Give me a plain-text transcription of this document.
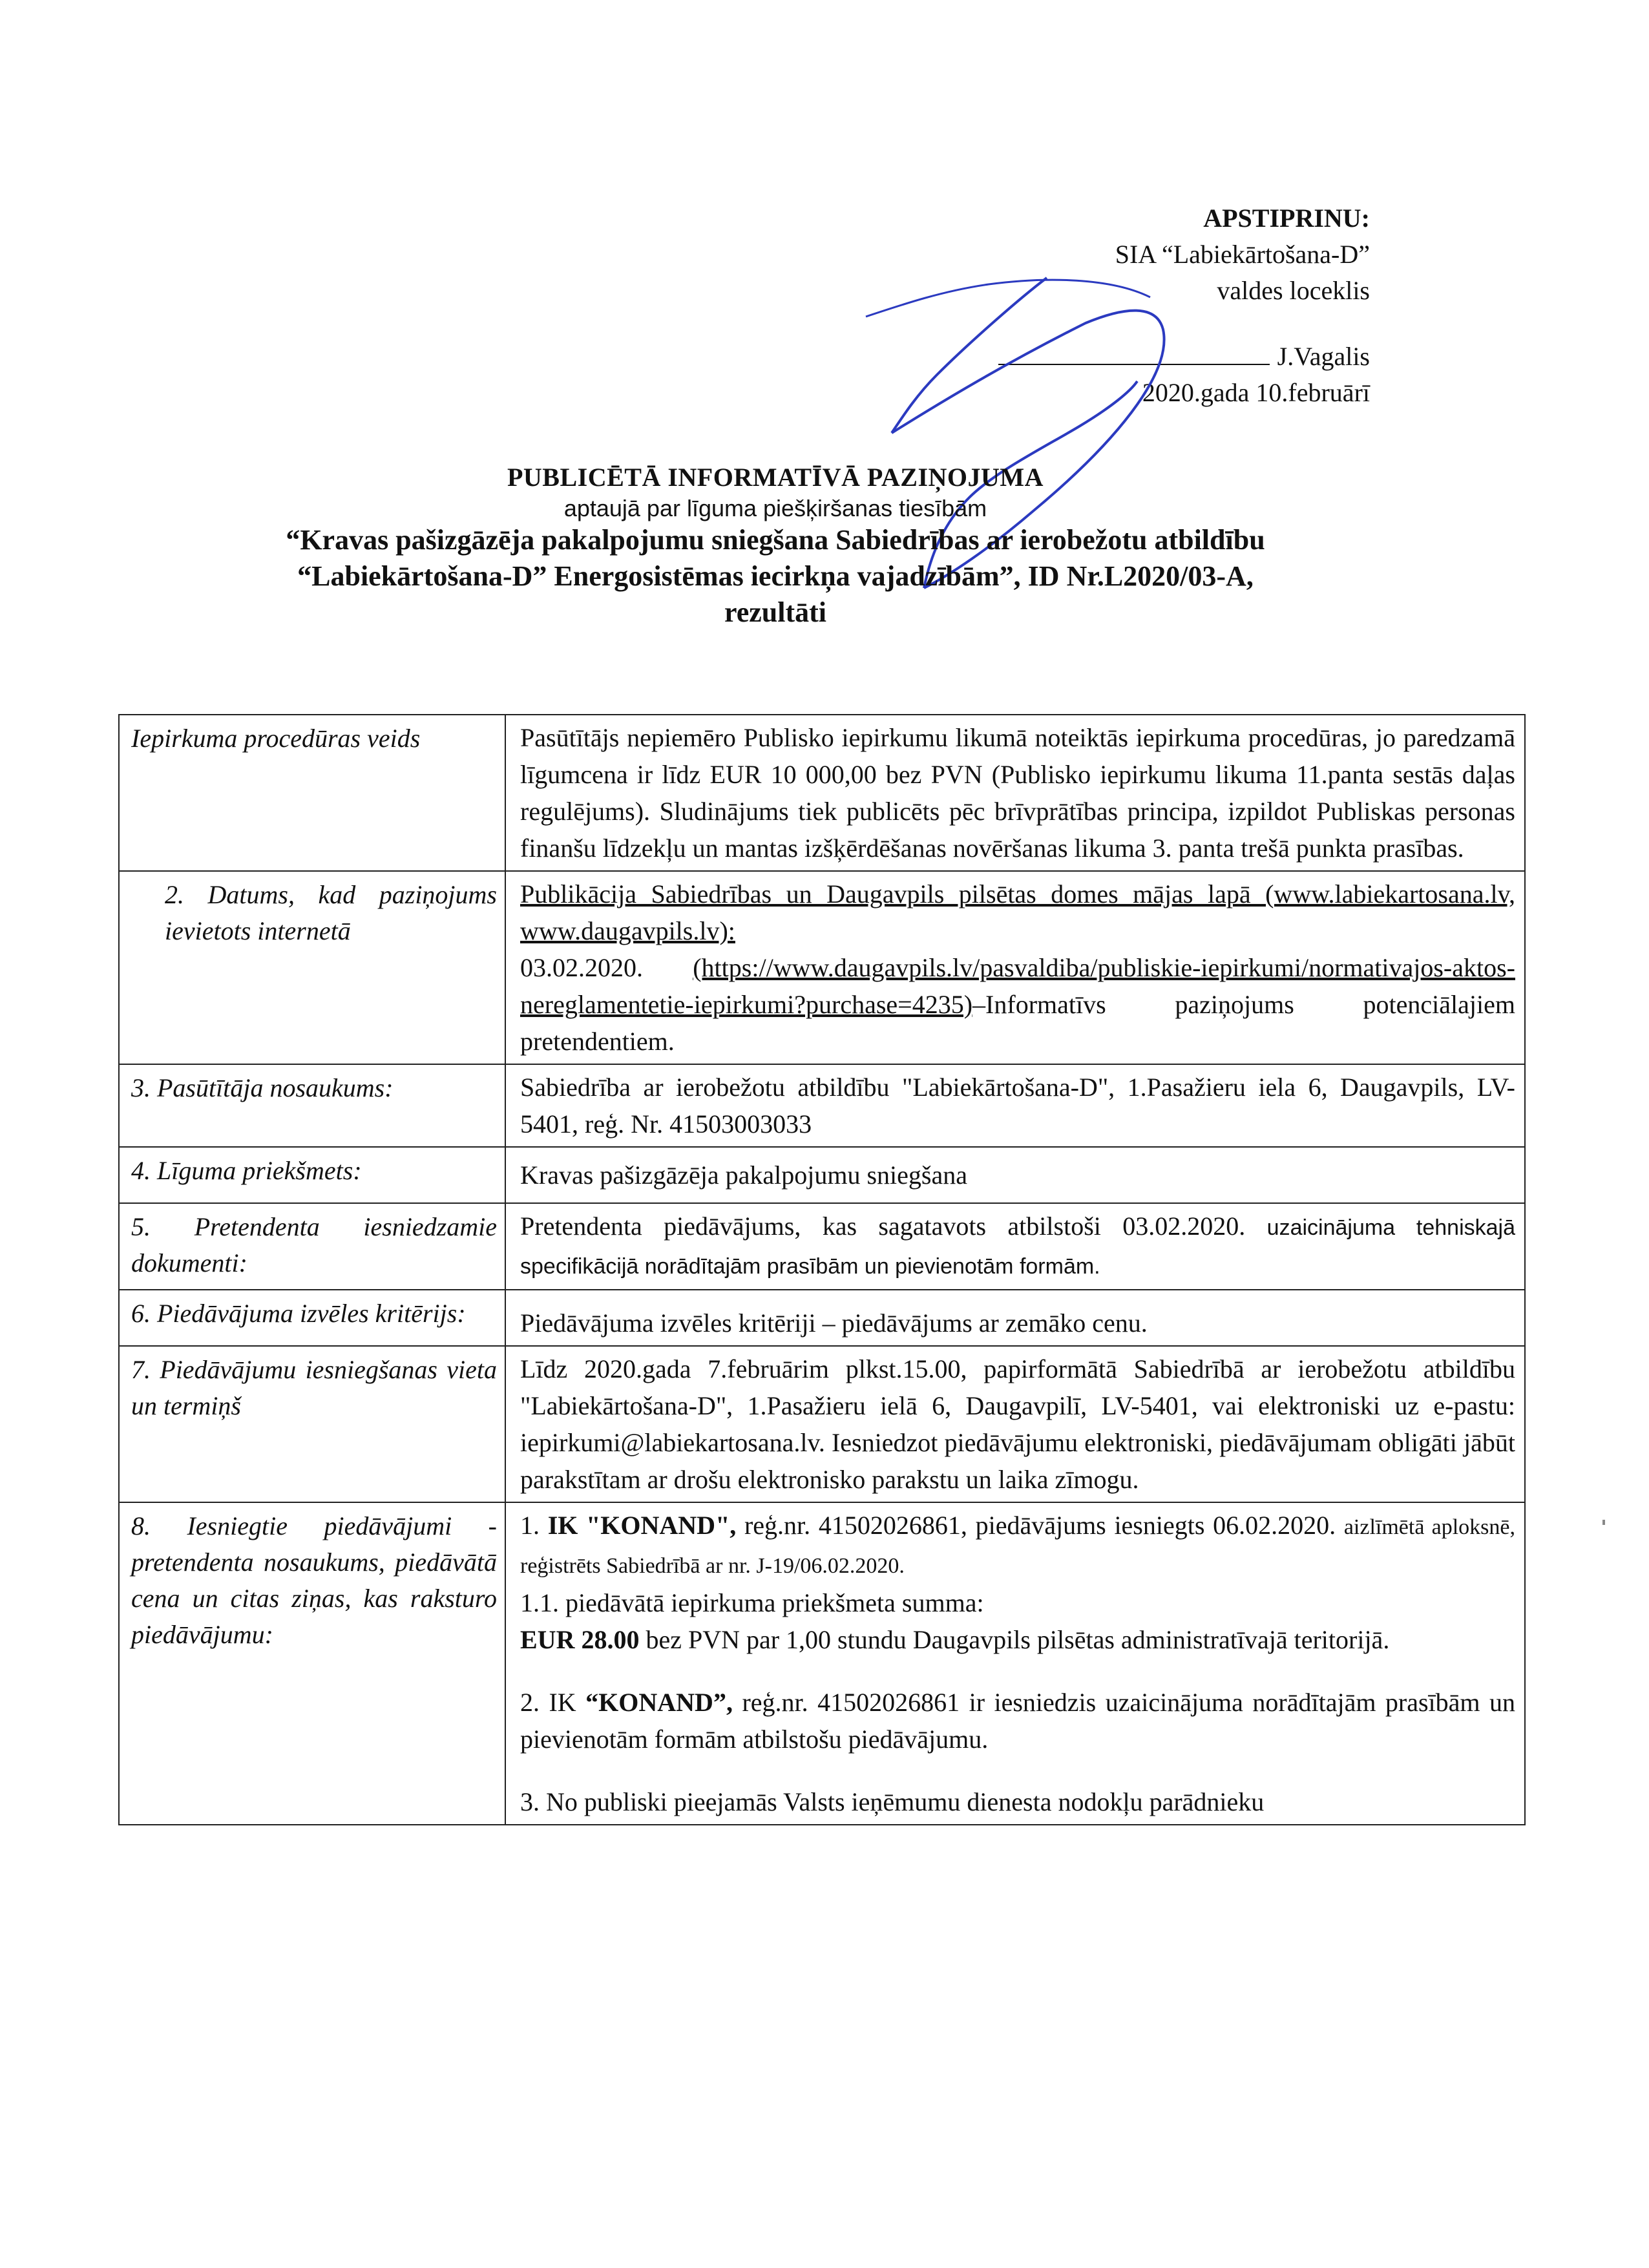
APSTIPRINU:
SIA “Labiekārtošana-D”
valdes loceklis
J.Vagalis
2020.gada 10.februārī
PUBLICĒTĀ INFORMATĪVĀ PAZIŅOJUMA
aptaujā par līguma piešķiršanas tiesībām
“Kravas pašizgāzēja pakalpojumu sniegšana Sabiedrības ar ierobežotu atbildību
“Labiekārtošana-D” Energosistēmas iecirkņa vajadzībām”, ID Nr.L2020/03-A,
rezultāti
Iepirkuma procedūras veids	Pasūtītājs nepiemēro Publisko iepirkumu likumā noteiktās iepirkuma procedūras, jo paredzamā līgumcena ir līdz EUR 10 000,00 bez PVN (Publisko iepirkumu likuma 11.panta sestās daļas regulējums). Sludinājums tiek publicēts pēc brīvprātības principa, izpildot Publiskas personas finanšu līdzekļu un mantas izšķērdēšanas novēršanas likuma 3. panta trešā punkta prasības.
2. Datums, kad paziņojums ievietots internetā	Publikācija Sabiedrības un Daugavpils pilsētas domes mājas lapā (www.labiekartosana.lv, www.daugavpils.lv):
03.02.2020. (https://www.daugavpils.lv/pasvaldiba/publiskie-iepirkumi/normativajos-aktos-nereglamentetie-iepirkumi?purchase=4235)–Informatīvs paziņojums potenciālajiem pretendentiem.
3. Pasūtītāja nosaukums:	Sabiedrība ar ierobežotu atbildību "Labiekārtošana-D", 1.Pasažieru iela 6, Daugavpils, LV-5401, reģ. Nr. 41503003033
4. Līguma priekšmets:	Kravas pašizgāzēja pakalpojumu sniegšana
5. Pretendenta iesniedzamie dokumenti:	Pretendenta piedāvājums, kas sagatavots atbilstoši 03.02.2020. uzaicinājuma tehniskajā specifikācijā norādītajām prasībām un pievienotām formām.
6. Piedāvājuma izvēles kritērijs:	Piedāvājuma izvēles kritēriji – piedāvājums ar zemāko cenu.
7. Piedāvājumu iesniegšanas vieta un termiņš	Līdz 2020.gada 7.februārim plkst.15.00, papirformātā Sabiedrībā ar ierobežotu atbildību "Labiekārtošana-D", 1.Pasažieru ielā 6, Daugavpilī, LV-5401, vai elektroniski uz e-pastu: iepirkumi@labiekartosana.lv. Iesniedzot piedāvājumu elektroniski, piedāvājumam obligāti jābūt parakstītam ar drošu elektronisko parakstu un laika zīmogu.
8. Iesniegtie piedāvājumi - pretendenta nosaukums, piedāvātā cena un citas ziņas, kas raksturo piedāvājumu:	1. IK "KONAND", reģ.nr. 41502026861, piedāvājums iesniegts 06.02.2020. aizlīmētā aploksnē, reģistrēts Sabiedrībā ar nr. J-19/06.02.2020.
1.1. piedāvātā iepirkuma priekšmeta summa:
EUR 28.00 bez PVN par 1,00 stundu Daugavpils pilsētas administratīvajā teritorijā.
2. IK “KONAND”, reģ.nr. 41502026861 ir iesniedzis uzaicinājuma norādītajām prasībām un pievienotām formām atbilstošu piedāvājumu.
3. No publiski pieejamās Valsts ieņēmumu dienesta nodokļu parādnieku
